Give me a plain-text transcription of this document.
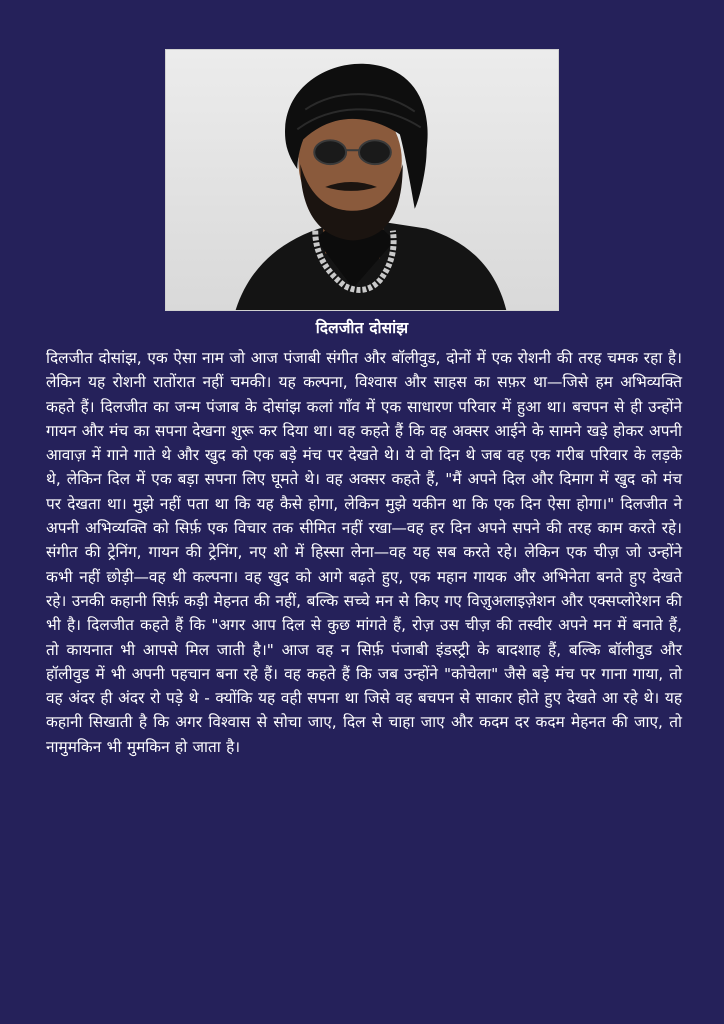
दिलजीत दोसांझ

दिलजीत दोसांझ, एक ऐसा नाम जो आज पंजाबी संगीत और बॉलीवुड, दोनों में एक रोशनी की तरह चमक रहा है। लेकिन यह रोशनी रातोंरात नहीं चमकी। यह कल्पना, विश्वास और साहस का सफ़र था—जिसे हम अभिव्यक्ति कहते हैं। दिलजीत का जन्म पंजाब के दोसांझ कलां गाँव में एक साधारण परिवार में हुआ था। बचपन से ही उन्होंने गायन और मंच का सपना देखना शुरू कर दिया था। वह कहते हैं कि वह अक्सर आईने के सामने खड़े होकर अपनी आवाज़ में गाने गाते थे और खुद को एक बड़े मंच पर देखते थे। ये वो दिन थे जब वह एक गरीब परिवार के लड़के थे, लेकिन दिल में एक बड़ा सपना लिए घूमते थे। वह अक्सर कहते हैं, "मैं अपने दिल और दिमाग में खुद को मंच पर देखता था। मुझे नहीं पता था कि यह कैसे होगा, लेकिन मुझे यकीन था कि एक दिन ऐसा होगा।" दिलजीत ने अपनी अभिव्यक्ति को सिर्फ़ एक विचार तक सीमित नहीं रखा—वह हर दिन अपने सपने की तरह काम करते रहे। संगीत की ट्रेनिंग, गायन की ट्रेनिंग, नए शो में हिस्सा लेना—वह यह सब करते रहे। लेकिन एक चीज़ जो उन्होंने कभी नहीं छोड़ी—वह थी कल्पना। वह खुद को आगे बढ़ते हुए, एक महान गायक और अभिनेता बनते हुए देखते रहे। उनकी कहानी सिर्फ़ कड़ी मेहनत की नहीं, बल्कि सच्चे मन से किए गए विज़ुअलाइज़ेशन और एक्सप्लोरेशन की भी है। दिलजीत कहते हैं कि "अगर आप दिल से कुछ मांगते हैं, रोज़ उस चीज़ की तस्वीर अपने मन में बनाते हैं, तो कायनात भी आपसे मिल जाती है।" आज वह न सिर्फ़ पंजाबी इंडस्ट्री के बादशाह हैं, बल्कि बॉलीवुड और हॉलीवुड में भी अपनी पहचान बना रहे हैं। वह कहते हैं कि जब उन्होंने "कोचेला" जैसे बड़े मंच पर गाना गाया, तो वह अंदर ही अंदर रो पड़े थे - क्योंकि यह वही सपना था जिसे वह बचपन से साकार होते हुए देखते आ रहे थे। यह कहानी सिखाती है कि अगर विश्वास से सोचा जाए, दिल से चाहा जाए और कदम दर कदम मेहनत की जाए, तो नामुमकिन भी मुमकिन हो जाता है।
